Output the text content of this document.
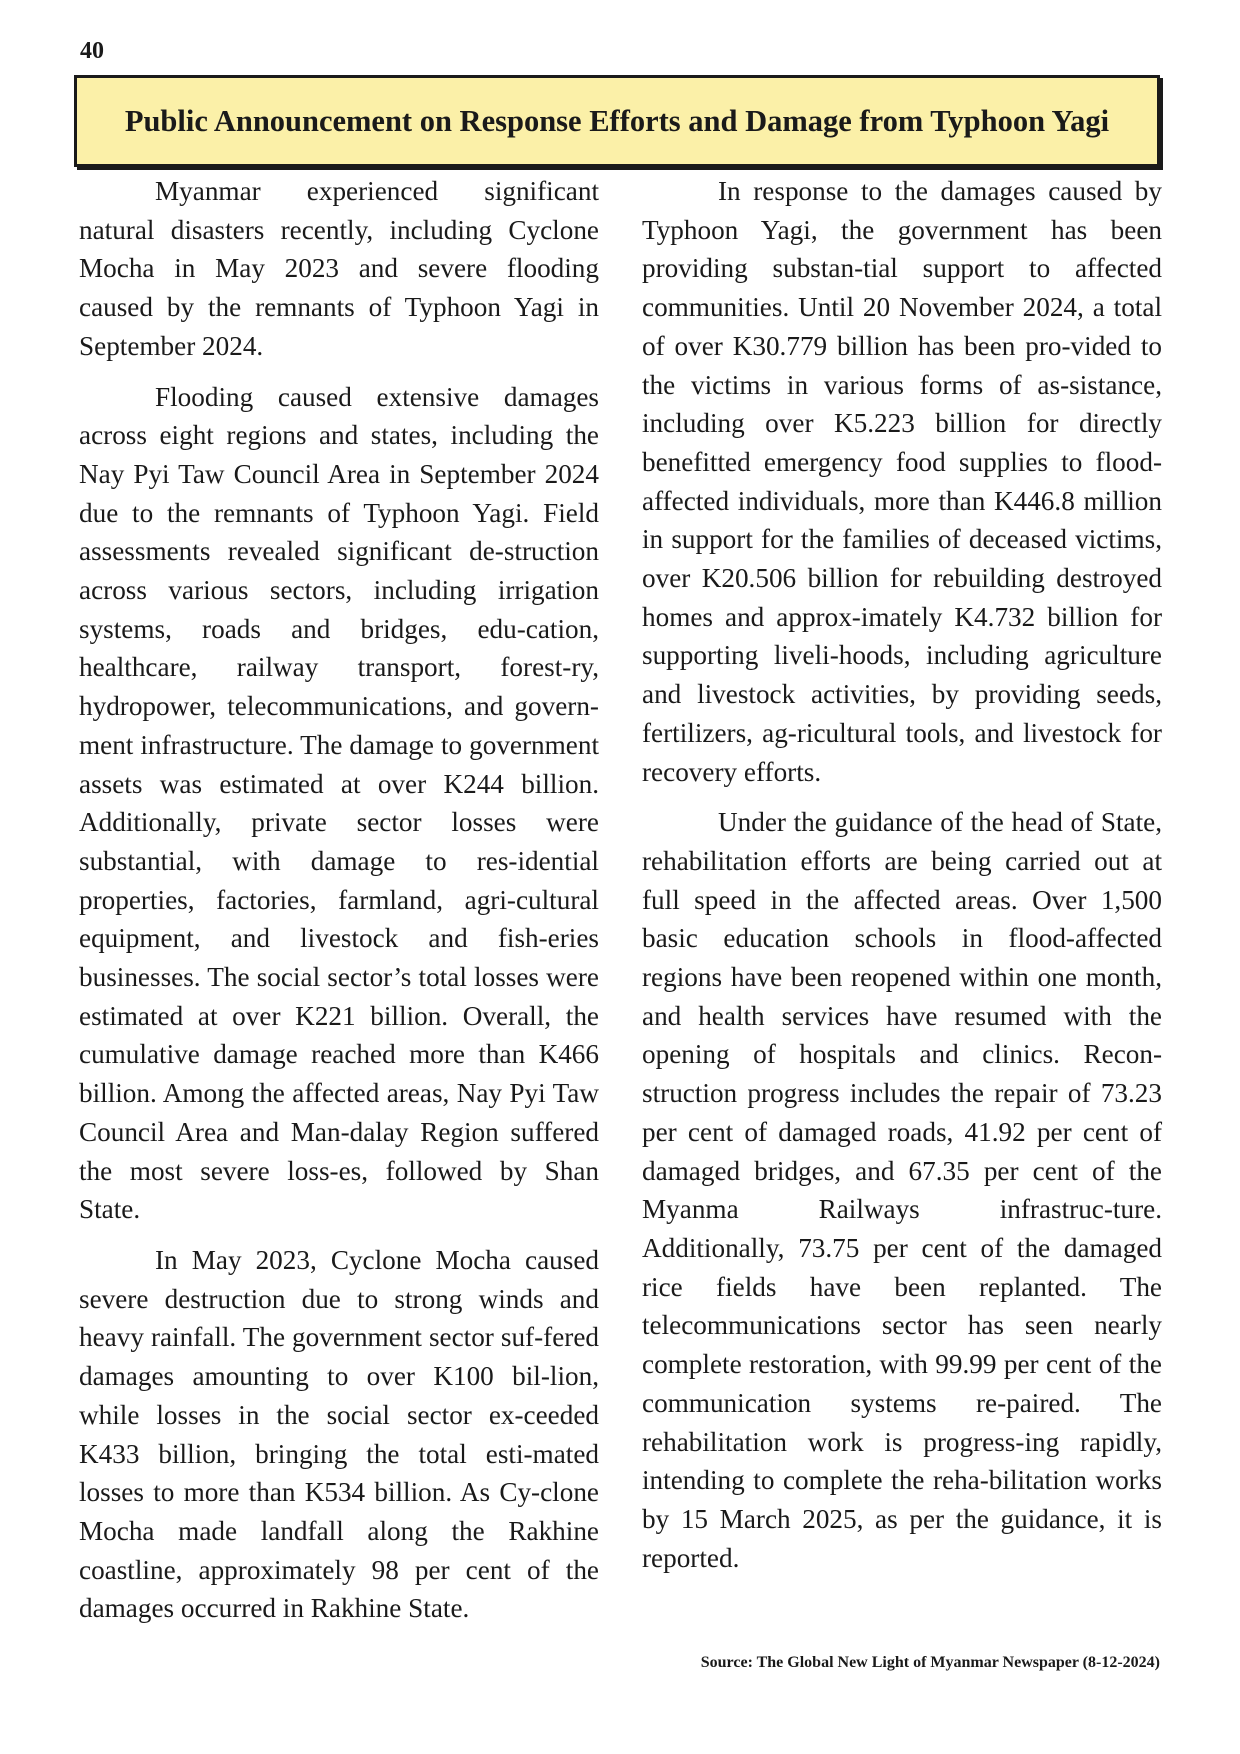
40
Public Announcement on Response Efforts and Damage from Typhoon Yagi

Myanmar experienced significant natural disasters recently, including Cyclone Mocha in May 2023 and severe flooding caused by the remnants of Typhoon Yagi in September 2024.

Flooding caused extensive damages across eight regions and states, including the Nay Pyi Taw Council Area in September 2024 due to the remnants of Typhoon Yagi. Field assessments revealed significant de-struction across various sectors, including irrigation systems, roads and bridges, edu-cation, healthcare, railway transport, forest-ry, hydropower, telecommunications, and govern-ment infrastructure. The damage to government assets was estimated at over K244 billion. Additionally, private sector losses were substantial, with damage to res-idential properties, factories, farmland, agri-cultural equipment, and livestock and fish-eries businesses. The social sector’s total losses were estimated at over K221 billion. Overall, the cumulative damage reached more than K466 billion. Among the affected areas, Nay Pyi Taw Council Area and Man-dalay Region suffered the most severe loss-es, followed by Shan State.

In May 2023, Cyclone Mocha caused severe destruction due to strong winds and heavy rainfall. The government sector suf-fered damages amounting to over K100 bil-lion, while losses in the social sector ex-ceeded K433 billion, bringing the total esti-mated losses to more than K534 billion. As Cy-clone Mocha made landfall along the Rakhine coastline, approximately 98 per cent of the damages occurred in Rakhine State.

In response to the damages caused by Typhoon Yagi, the government has been providing substan-tial support to affected communities. Until 20 November 2024, a total of over K30.779 billion has been pro-vided to the victims in various forms of as-sistance, including over K5.223 billion for directly benefitted emergency food supplies to flood-affected individuals, more than K446.8 million in support for the families of deceased victims, over K20.506 billion for rebuilding destroyed homes and approx-imately K4.732 billion for supporting liveli-hoods, including agriculture and livestock activities, by providing seeds, fertilizers, ag-ricultural tools, and livestock for recovery efforts.

Under the guidance of the head of State, rehabilitation efforts are being carried out at full speed in the affected areas. Over 1,500 basic education schools in flood-affected regions have been reopened within one month, and health services have resumed with the opening of hospitals and clinics. Recon-struction progress includes the repair of 73.23 per cent of damaged roads, 41.92 per cent of damaged bridges, and 67.35 per cent of the Myanma Railways infrastruc-ture. Additionally, 73.75 per cent of the damaged rice fields have been replanted. The telecommunications sector has seen nearly complete restoration, with 99.99 per cent of the communication systems re-paired. The rehabilitation work is progress-ing rapidly, intending to complete the reha-bilitation works by 15 March 2025, as per the guidance, it is reported.

Source: The Global New Light of Myanmar Newspaper (8-12-2024)
